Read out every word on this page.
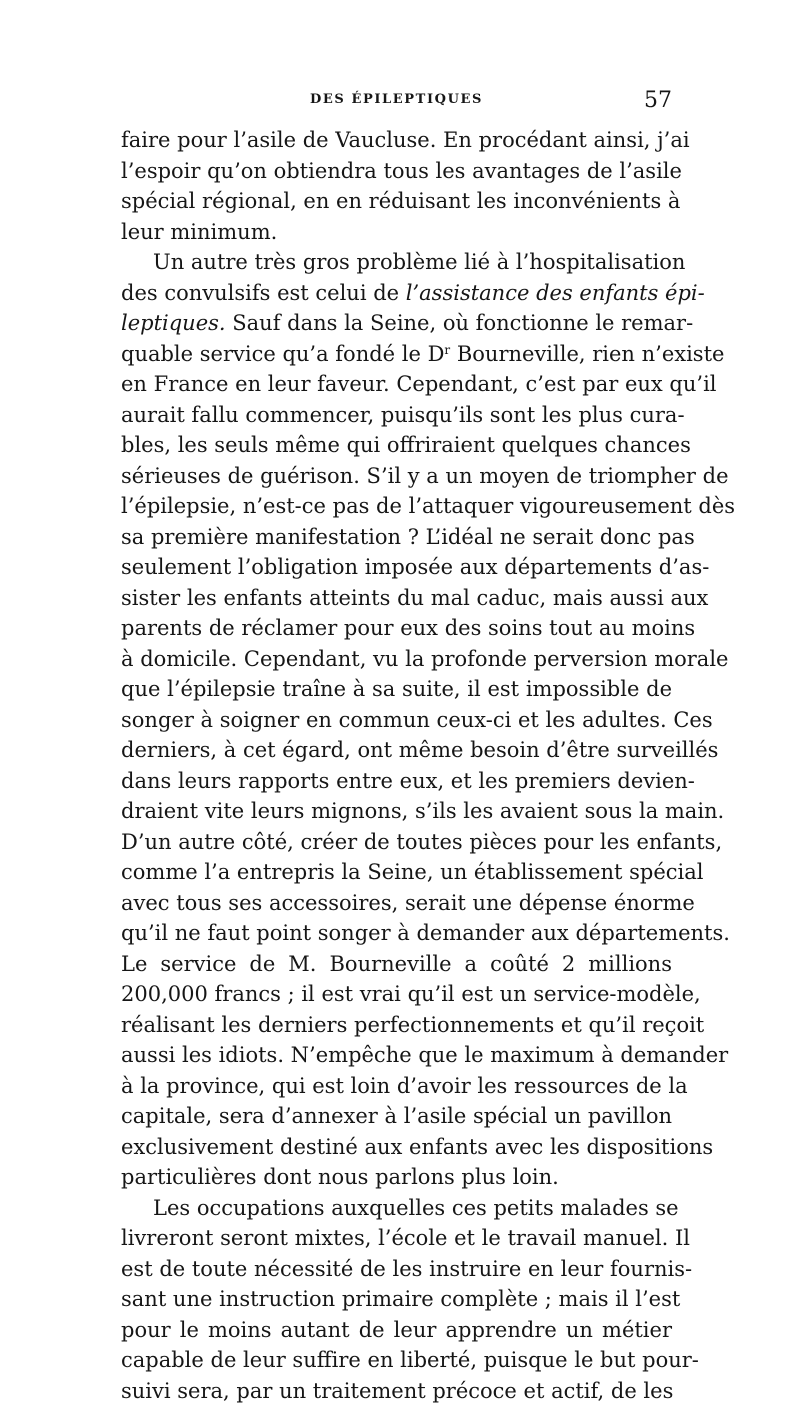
DES ÉPILEPTIQUES	57
faire pour l’asile de Vaucluse. En procédant ainsi, j’ai
l’espoir qu’on obtiendra tous les avantages de l’asile
spécial régional, en en réduisant les inconvénients à
leur minimum.
Un autre très gros problème lié à l’hospitalisation
des convulsifs est celui de l’assistance des enfants épi-
leptiques. Sauf dans la Seine, où fonctionne le remar-
quable service qu’a fondé le $D^r$ Bourneville, rien n’existe
en France en leur faveur. Cependant, c’est par eux qu’il
aurait fallu commencer, puisqu’ils sont les plus cura-
bles, les seuls même qui offriraient quelques chances
sérieuses de guérison. S’il y a un moyen de triompher de
l’épilepsie, n’est-ce pas de l’attaquer vigoureusement dès
sa première manifestation ? L’idéal ne serait donc pas
seulement l’obligation imposée aux départements d’as-
sister les enfants atteints du mal caduc, mais aussi aux
parents de réclamer pour eux des soins tout au moins
à domicile. Cependant, vu la profonde perversion morale
que l’épilepsie traîne à sa suite, il est impossible de
songer à soigner en commun ceux-ci et les adultes. Ces
derniers, à cet égard, ont même besoin d’être surveillés
dans leurs rapports entre eux, et les premiers devien-
draient vite leurs mignons, s’ils les avaient sous la main.
D’un autre côté, créer de toutes pièces pour les enfants,
comme l’a entrepris la Seine, un établissement spécial
avec tous ses accessoires, serait une dépense énorme
qu’il ne faut point songer à demander aux départements.
Le service de M. Bourneville a coûté 2 millions
200,000 francs ; il est vrai qu’il est un service-modèle,
réalisant les derniers perfectionnements et qu’il reçoit
aussi les idiots. N’empêche que le maximum à demander
à la province, qui est loin d’avoir les ressources de la
capitale, sera d’annexer à l’asile spécial un pavillon
exclusivement destiné aux enfants avec les dispositions
particulières dont nous parlons plus loin.
Les occupations auxquelles ces petits malades se
livreront seront mixtes, l’école et le travail manuel. Il
est de toute nécessité de les instruire en leur fournis-
sant une instruction primaire complète ; mais il l’est
pour le moins autant de leur apprendre un métier
capable de leur suffire en liberté, puisque le but pour-
suivi sera, par un traitement précoce et actif, de les
